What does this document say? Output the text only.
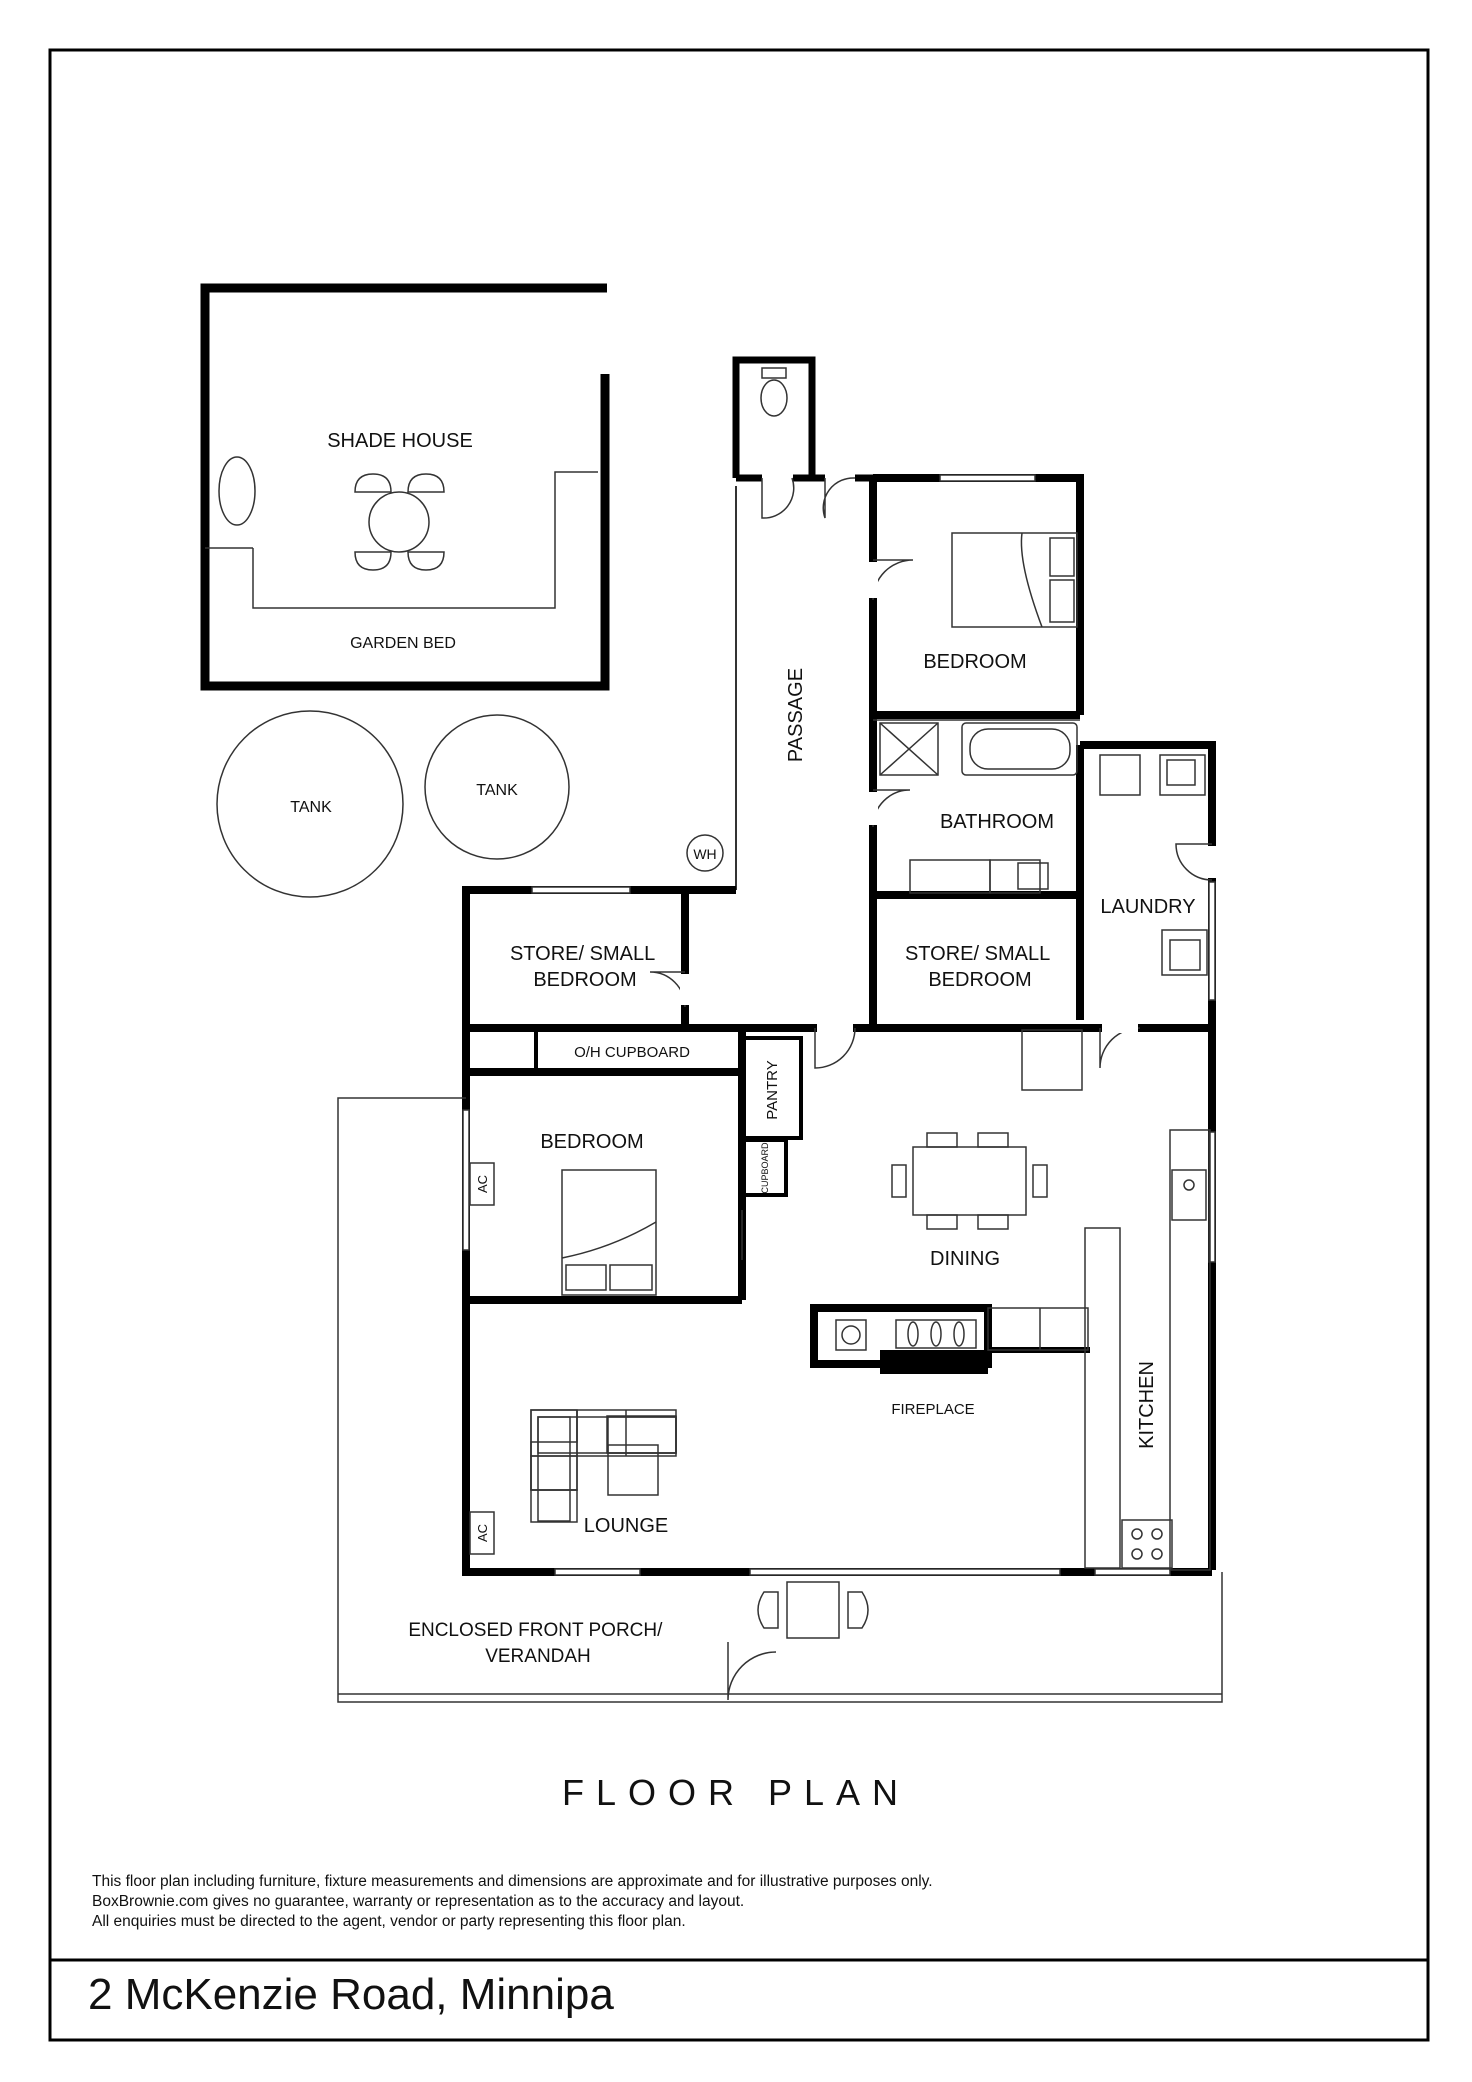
SHADE HOUSE
GARDEN BED
TANK
TANK
WH
PASSAGE
BEDROOM
BATHROOM
LAUNDRY
STORE/ SMALL BEDROOM
STORE/ SMALL BEDROOM
O/H CUPBOARD
PANTRY
CUPBOARD
BEDROOM
AC
DINING
FIREPLACE	KITCHEN
LOUNGE
AC
ENCLOSED FRONT PORCH/ VERANDAH
FLOOR PLAN
This floor plan including furniture, fixture measurements and dimensions are approximate and for illustrative purposes only.
BoxBrownie.com gives no guarantee, warranty or representation as to the accuracy and layout.
All enquiries must be directed to the agent, vendor or party representing this floor plan.
2 McKenzie Road, Minnipa
